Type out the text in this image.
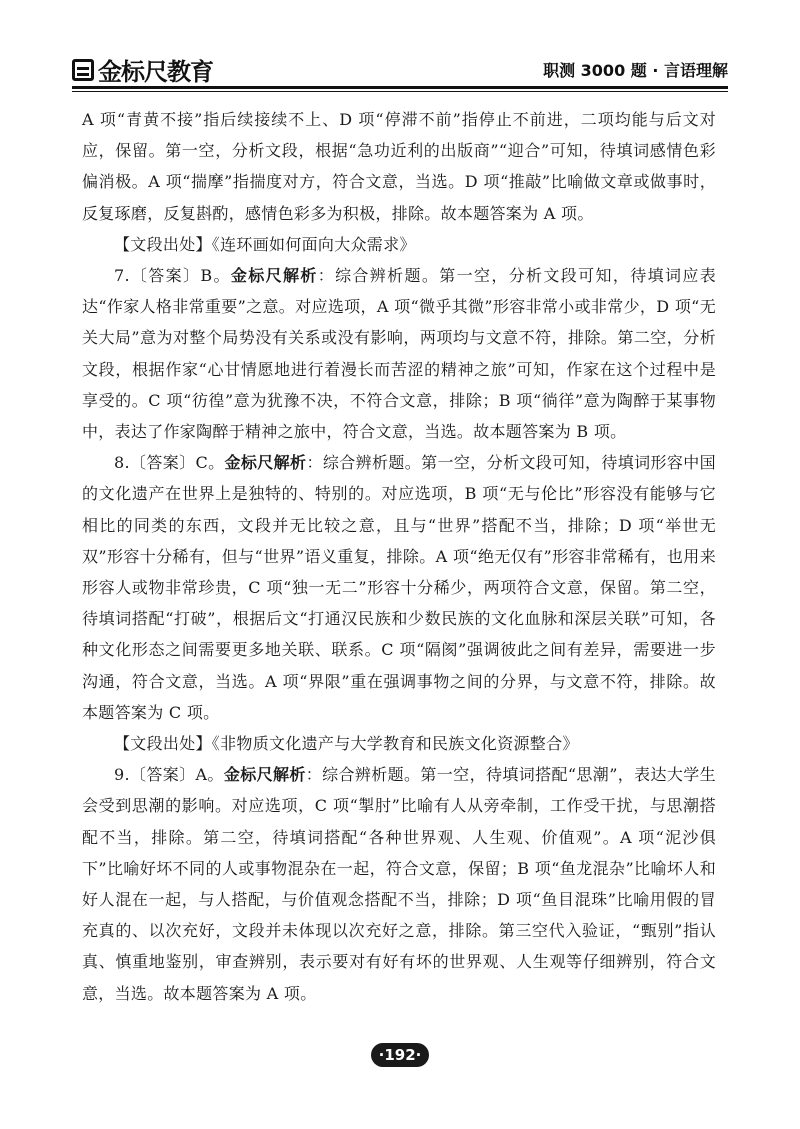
金标尺教育	职测 3000 题 · 言语理解

A 项“青黄不接”指后续接续不上、D 项“停滞不前”指停止不前进，二项均能与后文对应，保留。第一空，分析文段，根据“急功近利的出版商”“迎合”可知，待填词感情色彩偏消极。A 项“揣摩”指揣度对方，符合文意，当选。D 项“推敲”比喻做文章或做事时，反复琢磨，反复斟酌，感情色彩多为积极，排除。故本题答案为 A 项。

【文段出处】《连环画如何面向大众需求》

7.〔答案〕B。金标尺解析：综合辨析题。第一空，分析文段可知，待填词应表达“作家人格非常重要”之意。对应选项，A 项“微乎其微”形容非常小或非常少，D 项“无关大局”意为对整个局势没有关系或没有影响，两项均与文意不符，排除。第二空，分析文段，根据作家“心甘情愿地进行着漫长而苦涩的精神之旅”可知，作家在这个过程中是享受的。C 项“彷徨”意为犹豫不决，不符合文意，排除；B 项“徜徉”意为陶醉于某事物中，表达了作家陶醉于精神之旅中，符合文意，当选。故本题答案为 B 项。

8.〔答案〕C。金标尺解析：综合辨析题。第一空，分析文段可知，待填词形容中国的文化遗产在世界上是独特的、特别的。对应选项，B 项“无与伦比”形容没有能够与它相比的同类的东西，文段并无比较之意，且与“世界”搭配不当，排除；D 项“举世无双”形容十分稀有，但与“世界”语义重复，排除。A 项“绝无仅有”形容非常稀有，也用来形容人或物非常珍贵，C 项“独一无二”形容十分稀少，两项符合文意，保留。第二空，待填词搭配“打破”，根据后文“打通汉民族和少数民族的文化血脉和深层关联”可知，各种文化形态之间需要更多地关联、联系。C 项“隔阂”强调彼此之间有差异，需要进一步沟通，符合文意，当选。A 项“界限”重在强调事物之间的分界，与文意不符，排除。故本题答案为 C 项。

【文段出处】《非物质文化遗产与大学教育和民族文化资源整合》

9.〔答案〕A。金标尺解析：综合辨析题。第一空，待填词搭配“思潮”，表达大学生会受到思潮的影响。对应选项，C 项“掣肘”比喻有人从旁牵制，工作受干扰，与思潮搭配不当，排除。第二空，待填词搭配“各种世界观、人生观、价值观”。A 项“泥沙俱下”比喻好坏不同的人或事物混杂在一起，符合文意，保留；B 项“鱼龙混杂”比喻坏人和好人混在一起，与人搭配，与价值观念搭配不当，排除；D 项“鱼目混珠”比喻用假的冒充真的、以次充好，文段并未体现以次充好之意，排除。第三空代入验证，“甄别”指认真、慎重地鉴别，审查辨别，表示要对有好有坏的世界观、人生观等仔细辨别，符合文意，当选。故本题答案为 A 项。

·192·
